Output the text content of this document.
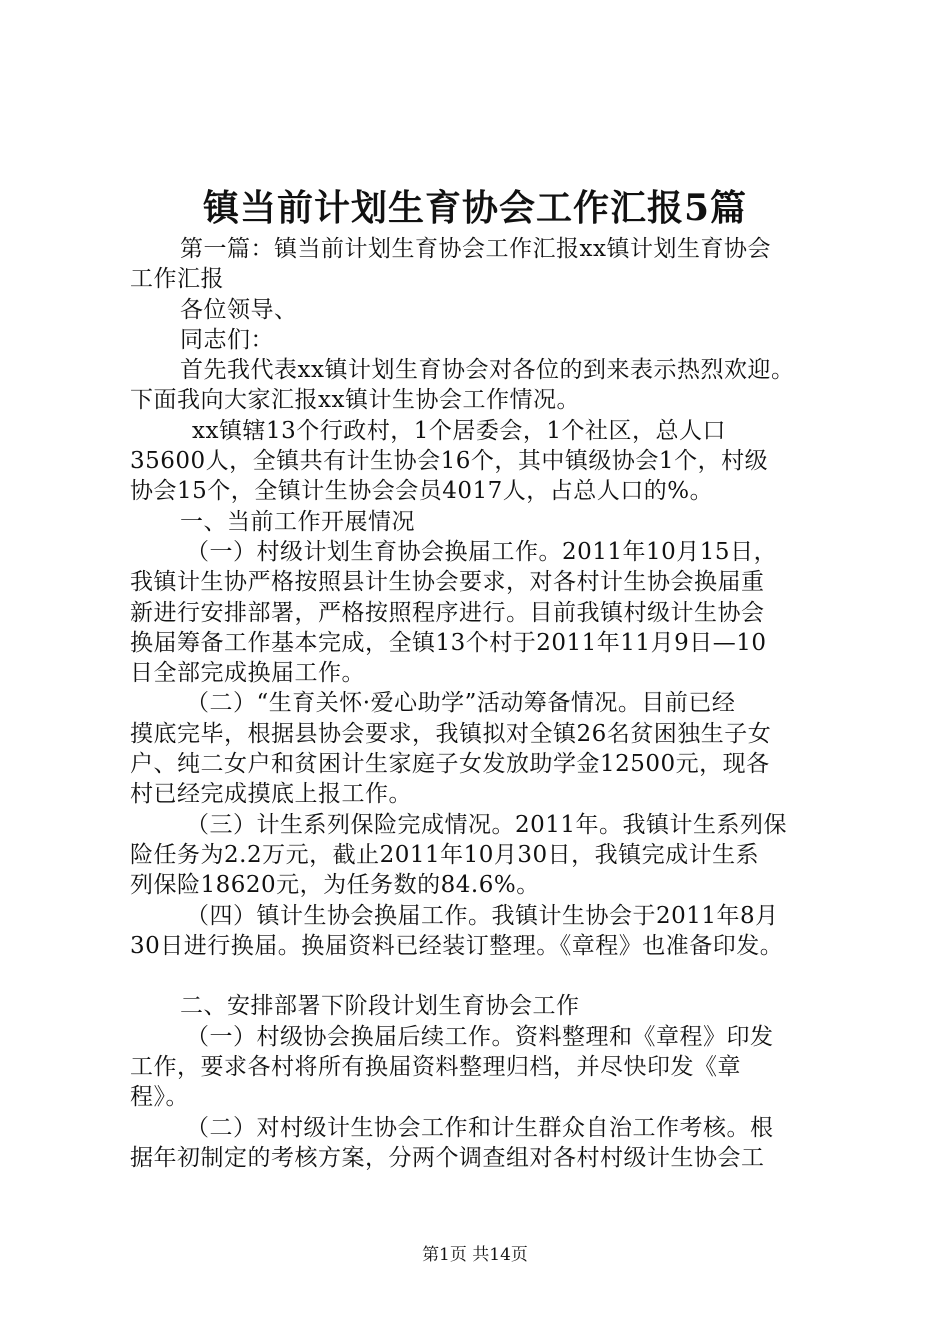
镇当前计划生育协会工作汇报5篇
第一篇：镇当前计划生育协会工作汇报xx镇计划生育协会
工作汇报
各位领导、
同志们：
首先我代表xx镇计划生育协会对各位的到来表示热烈欢迎。
下面我向大家汇报xx镇计生协会工作情况。
xx镇辖13个行政村，1个居委会，1个社区，总人口
35600人，全镇共有计生协会16个，其中镇级协会1个，村级
协会15个，全镇计生协会会员4017人，占总人口的%。
一、当前工作开展情况
（一）村级计划生育协会换届工作。2011年10月15日，
我镇计生协严格按照县计生协会要求，对各村计生协会换届重
新进行安排部署，严格按照程序进行。目前我镇村级计生协会
换届筹备工作基本完成，全镇13个村于2011年11月9日—10
日全部完成换届工作。
（二）“生育关怀·爱心助学”活动筹备情况。目前已经
摸底完毕，根据县协会要求，我镇拟对全镇26名贫困独生子女
户、纯二女户和贫困计生家庭子女发放助学金12500元，现各
村已经完成摸底上报工作。
（三）计生系列保险完成情况。2011年。我镇计生系列保
险任务为2.2万元，截止2011年10月30日，我镇完成计生系
列保险18620元，为任务数的84.6%。
（四）镇计生协会换届工作。我镇计生协会于2011年8月
30日进行换届。换届资料已经装订整理。《章程》也准备印发。
二、安排部署下阶段计划生育协会工作
（一）村级协会换届后续工作。资料整理和《章程》印发
工作，要求各村将所有换届资料整理归档，并尽快印发《章
程》。
（二）对村级计生协会工作和计生群众自治工作考核。根
据年初制定的考核方案，分两个调查组对各村村级计生协会工
第1页 共14页
